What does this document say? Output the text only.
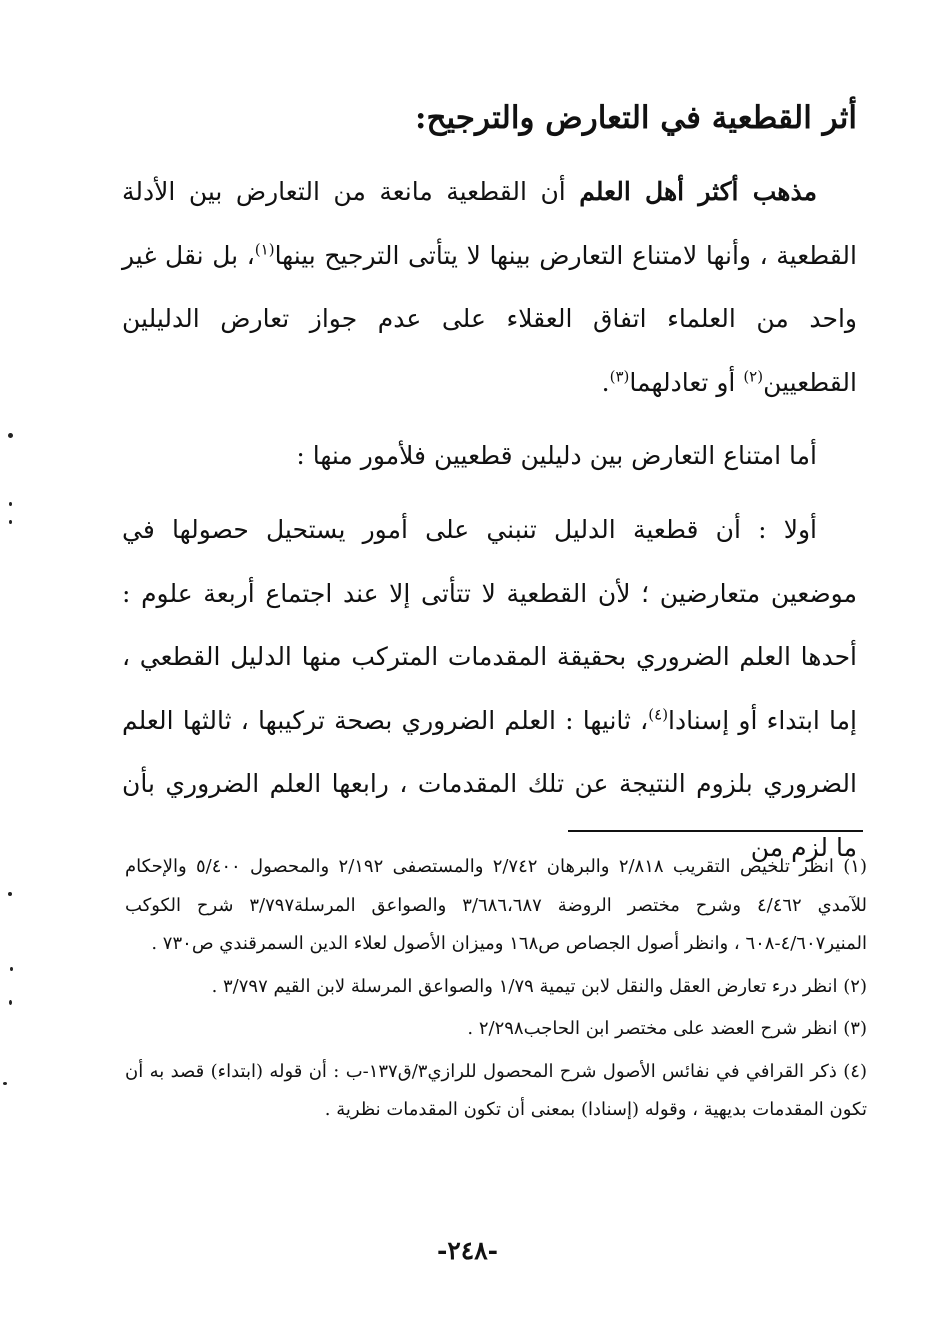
أثر القطعية في التعارض والترجيح:

مذهب أكثر أهل العلم أن القطعية مانعة من التعارض بين الأدلة القطعية ، وأنها لامتناع التعارض بينها لا يتأتى الترجيح بينها$^{(١)}$، بل نقل غير واحد من العلماء اتفاق العقلاء على عدم جواز تعارض الدليلين القطعيين$^{(٢)}$ أو تعادلهما$^{(٣)}$.

أما امتناع التعارض بين دليلين قطعيين فلأمور منها :

أولا : أن قطعية الدليل تنبني على أمور يستحيل حصولها في موضعين متعارضين ؛ لأن القطعية لا تتأتى إلا عند اجتماع أربعة علوم : أحدها العلم الضروري بحقيقة المقدمات المتركب منها الدليل القطعي ، إما ابتداء أو إسنادا$^{(٤)}$، ثانيها : العلم الضروري بصحة تركيبها ، ثالثها العلم الضروري بلزوم النتيجة عن تلك المقدمات ، رابعها العلم الضروري بأن ما لزم من

(١) انظر تلخيص التقريب ٢/٨١٨ والبرهان ٢/٧٤٢ والمستصفى ٢/١٩٢ والمحصول ٥/٤٠٠ والإحكام للآمدي ٤/٤٦٢ وشرح مختصر الروضة ٣/٦٨٦،٦٨٧ والصواعق المرسلة٣/٧٩٧ شرح الكوكب المنير٤/٦٠٧-٦٠٨ ، وانظر أصول الجصاص ص١٦٨ وميزان الأصول لعلاء الدين السمرقندي ص٧٣٠ .

(٢) انظر درء تعارض العقل والنقل لابن تيمية ١/٧٩ والصواعق المرسلة لابن القيم ٣/٧٩٧ .

(٣) انظر شرح العضد على مختصر ابن الحاجب٢/٢٩٨ .

(٤) ذكر القرافي في نفائس الأصول شرح المحصول للرازي٣/ق١٣٧-ب : أن قوله (ابتداء) قصد به أن تكون المقدمات بديهية ، وقوله (إسنادا) بمعنى أن تكون المقدمات نظرية .

-٢٤٨-
